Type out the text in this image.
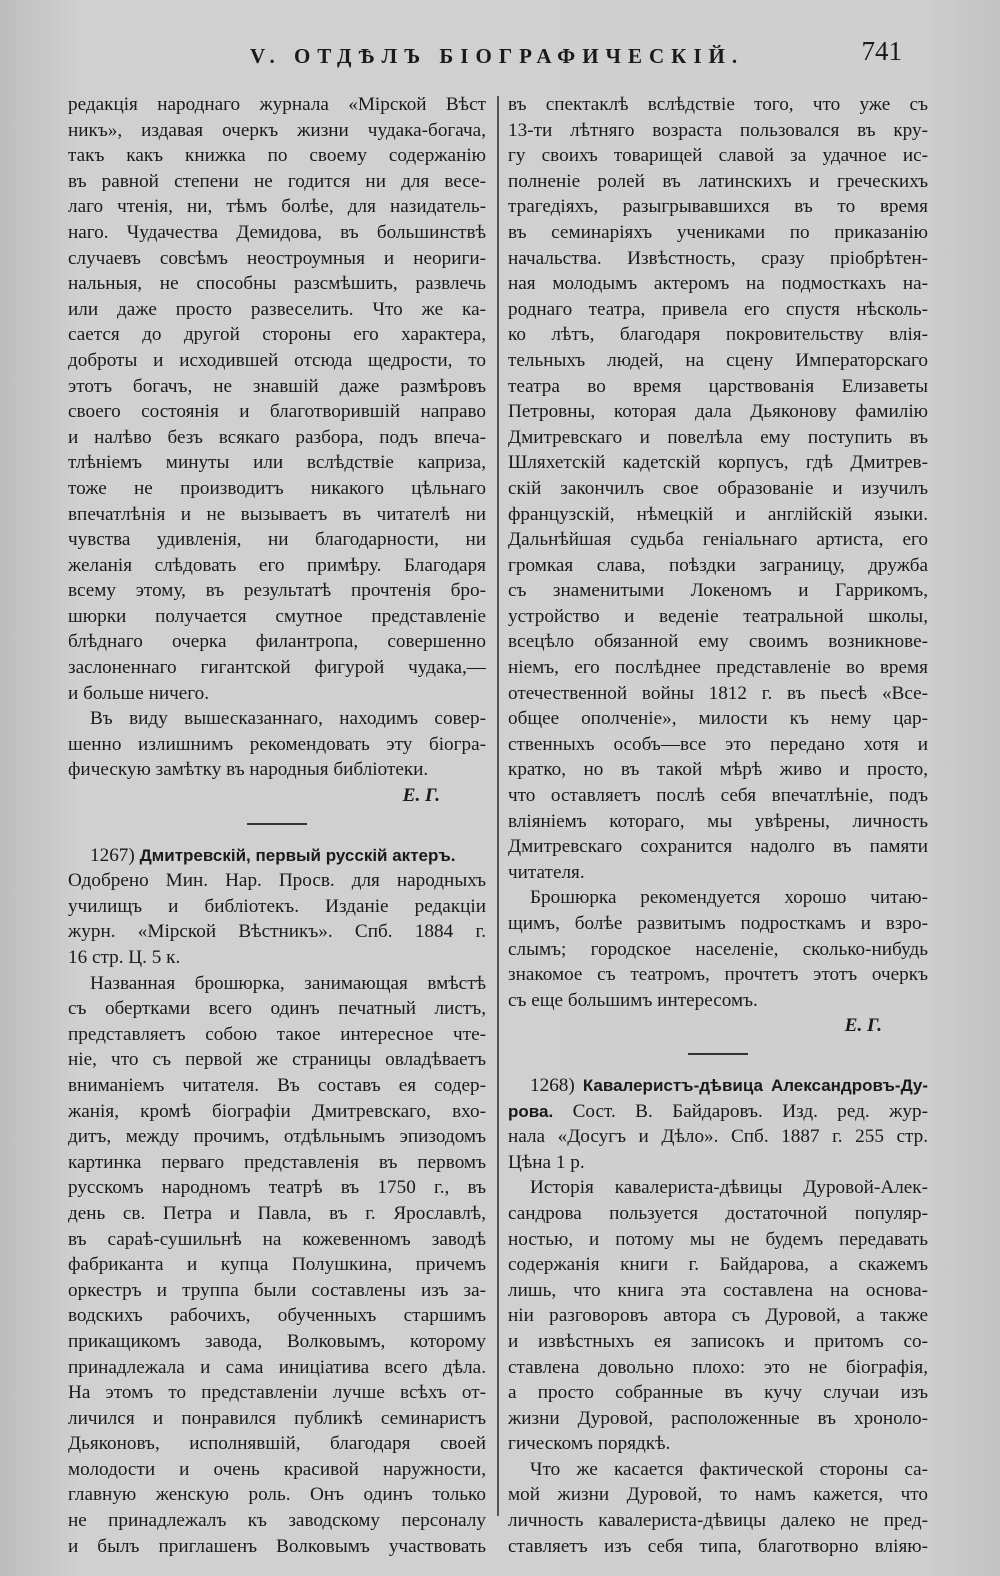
V. ОТДѢЛЪ БІОГРАФИЧЕСКІЙ.	741
редакція народнаго журнала «Мірской Вѣст
никъ», издавая очеркъ жизни чудака-богача,
такъ какъ книжка по своему содержанію
въ равной степени не годится ни для весе-
лаго чтенія, ни, тѣмъ болѣе, для назидатель-
наго. Чудачества Демидова, въ большинствѣ
случаевъ совсѣмъ неостроумныя и неориги-
нальныя, не способны разсмѣшить, развлечь
или даже просто развеселить. Что же ка-
сается до другой стороны его характера,
доброты и исходившей отсюда щедрости, то
этотъ богачъ, не знавшій даже размѣровъ
своего состоянія и благотворившій направо
и налѣво безъ всякаго разбора, подъ впеча-
тлѣніемъ минуты или вслѣдствіе каприза,
тоже не производитъ никакого цѣльнаго
впечатлѣнія и не вызываетъ въ читателѣ ни
чувства удивленія, ни благодарности, ни
желанія слѣдовать его примѣру. Благодаря
всему этому, въ результатѣ прочтенія бро-
шюрки получается смутное представленіе
блѣднаго очерка филантропа, совершенно
заслоненнаго гигантской фигурой чудака,—
и больше ничего.
Въ виду вышесказаннаго, находимъ совер-
шенно излишнимъ рекомендовать эту біогра-
фическую замѣтку въ народныя библіотеки.
Е. Г.
1267) Дмитревскій, первый русскій актеръ.
Одобрено Мин. Нар. Просв. для народныхъ
училищъ и библіотекъ. Изданіе редакціи
журн. «Мірской Вѣстникъ». Спб. 1884 г.
16 стр. Ц. 5 к.
Названная брошюрка, занимающая вмѣстѣ
съ обертками всего одинъ печатный листъ,
представляетъ собою такое интересное чте-
ніе, что съ первой же страницы овладѣваетъ
вниманіемъ читателя. Въ составъ ея содер-
жанія, кромѣ біографіи Дмитревскаго, вхо-
дитъ, между прочимъ, отдѣльнымъ эпизодомъ
картинка перваго представленія въ первомъ
русскомъ народномъ театрѣ въ 1750 г., въ
день св. Петра и Павла, въ г. Ярославлѣ,
въ сараѣ-сушильнѣ на кожевенномъ заводѣ
фабриканта и купца Полушкина, причемъ
оркестръ и труппа были составлены изъ за-
водскихъ рабочихъ, обученныхъ старшимъ
прикащикомъ завода, Волковымъ, которому
принадлежала и сама иниціатива всего дѣла.
На этомъ то представленіи лучше всѣхъ от-
личился и понравился публикѣ семинаристъ
Дьяконовъ, исполнявшій, благодаря своей
молодости и очень красивой наружности,
главную женскую роль. Онъ одинъ только
не принадлежалъ къ заводскому персоналу
и былъ приглашенъ Волковымъ участвовать
въ спектаклѣ вслѣдствіе того, что уже съ
13-ти лѣтняго возраста пользовался въ кру-
гу своихъ товарищей славой за удачное ис-
полненіе ролей въ латинскихъ и греческихъ
трагедіяхъ, разыгрывавшихся въ то время
въ семинаріяхъ учениками по приказанію
начальства. Извѣстность, сразу пріобрѣтен-
ная молодымъ актеромъ на подмосткахъ на-
роднаго театра, привела его спустя нѣсколь-
ко лѣтъ, благодаря покровительству влія-
тельныхъ людей, на сцену Императорскаго
театра во время царствованія Елизаветы
Петровны, которая дала Дьяконову фамилію
Дмитревскаго и повелѣла ему поступить въ
Шляхетскій кадетскій корпусъ, гдѣ Дмитрев-
скій закончилъ свое образованіе и изучилъ
французскій, нѣмецкій и англійскій языки.
Дальнѣйшая судьба геніальнаго артиста, его
громкая слава, поѣздки заграницу, дружба
съ знаменитыми Локеномъ и Гаррикомъ,
устройство и веденіе театральной школы,
всецѣло обязанной ему своимъ возникнове-
ніемъ, его послѣднее представленіе во время
отечественной войны 1812 г. въ пьесѣ «Все-
общее ополченіе», милости къ нему цар-
ственныхъ особъ—все это передано хотя и
кратко, но въ такой мѣрѣ живо и просто,
что оставляетъ послѣ себя впечатлѣніе, подъ
вліяніемъ котораго, мы увѣрены, личность
Дмитревскаго сохранится надолго въ памяти
читателя.
Брошюрка рекомендуется хорошо читаю-
щимъ, болѣе развитымъ подросткамъ и взро-
слымъ; городское населеніе, сколько-нибудь
знакомое съ театромъ, прочтетъ этотъ очеркъ
съ еще большимъ интересомъ.
Е. Г.
1268) Кавалеристъ-дѣвица Александровъ-Ду-
рова. Сост. В. Байдаровъ. Изд. ред. жур-
нала «Досугъ и Дѣло». Спб. 1887 г. 255 стр.
Цѣна 1 р.
Исторія кавалериста-дѣвицы Дуровой-Алек-
сандрова пользуется достаточной популяр-
ностью, и потому мы не будемъ передавать
содержанія книги г. Байдарова, а скажемъ
лишь, что книга эта составлена на основа-
ніи разговоровъ автора съ Дуровой, а также
и извѣстныхъ ея записокъ и притомъ со-
ставлена довольно плохо: это не біографія,
а просто собранные въ кучу случаи изъ
жизни Дуровой, расположенные въ хроноло-
гическомъ порядкѣ.
Что же касается фактической стороны са-
мой жизни Дуровой, то намъ кажется, что
личность кавалериста-дѣвицы далеко не пред-
ставляетъ изъ себя типа, благотворно вліяю-
